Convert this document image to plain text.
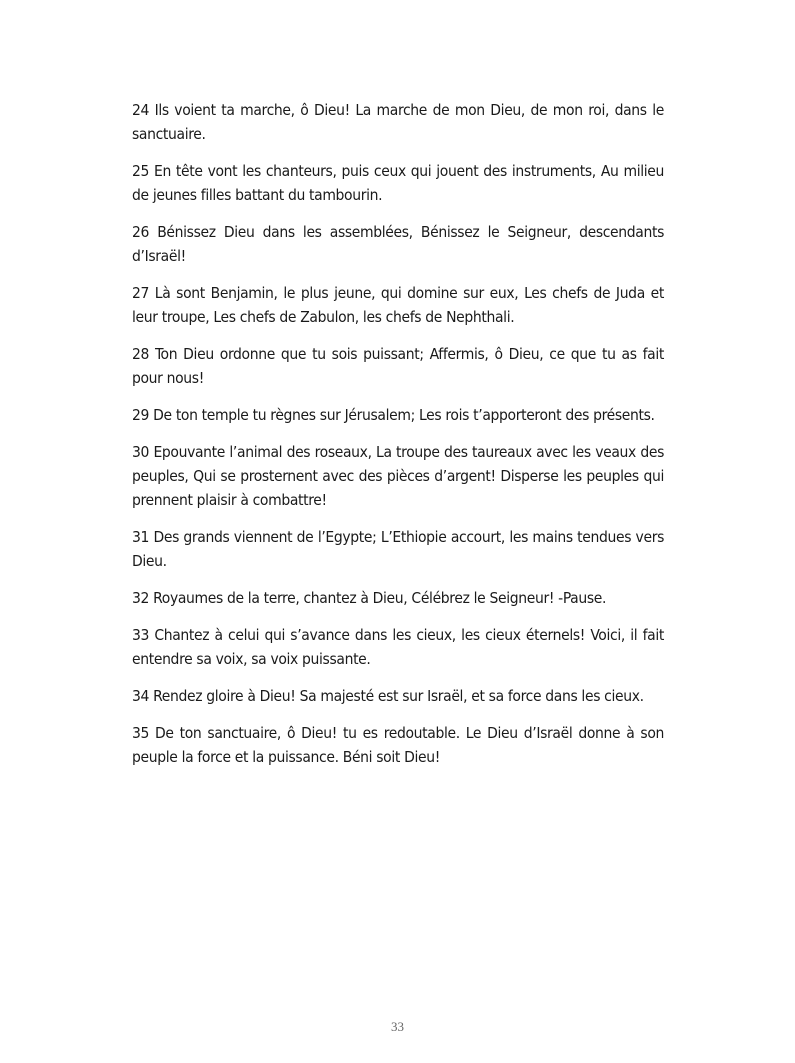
24 Ils voient ta marche, ô Dieu! La marche de mon Dieu, de mon roi, dans le sanctuaire.

25 En tête vont les chanteurs, puis ceux qui jouent des instruments, Au milieu de jeunes filles battant du tambourin.

26 Bénissez Dieu dans les assemblées, Bénissez le Seigneur, descendants d’Israël!

27 Là sont Benjamin, le plus jeune, qui domine sur eux, Les chefs de Juda et leur troupe, Les chefs de Zabulon, les chefs de Nephthali.

28 Ton Dieu ordonne que tu sois puissant; Affermis, ô Dieu, ce que tu as fait pour nous!

29 De ton temple tu règnes sur Jérusalem; Les rois t’apporteront des présents.

30 Epouvante l’animal des roseaux, La troupe des taureaux avec les veaux des peuples, Qui se prosternent avec des pièces d’argent! Disperse les peuples qui prennent plaisir à combattre!

31 Des grands viennent de l’Egypte; L’Ethiopie accourt, les mains tendues vers Dieu.

32 Royaumes de la terre, chantez à Dieu, Célébrez le Seigneur! -Pause.

33 Chantez à celui qui s’avance dans les cieux, les cieux éternels! Voici, il fait entendre sa voix, sa voix puissante.

34 Rendez gloire à Dieu! Sa majesté est sur Israël, et sa force dans les cieux.

35 De ton sanctuaire, ô Dieu! tu es redoutable. Le Dieu d’Israël donne à son peuple la force et la puissance. Béni soit Dieu!

33
